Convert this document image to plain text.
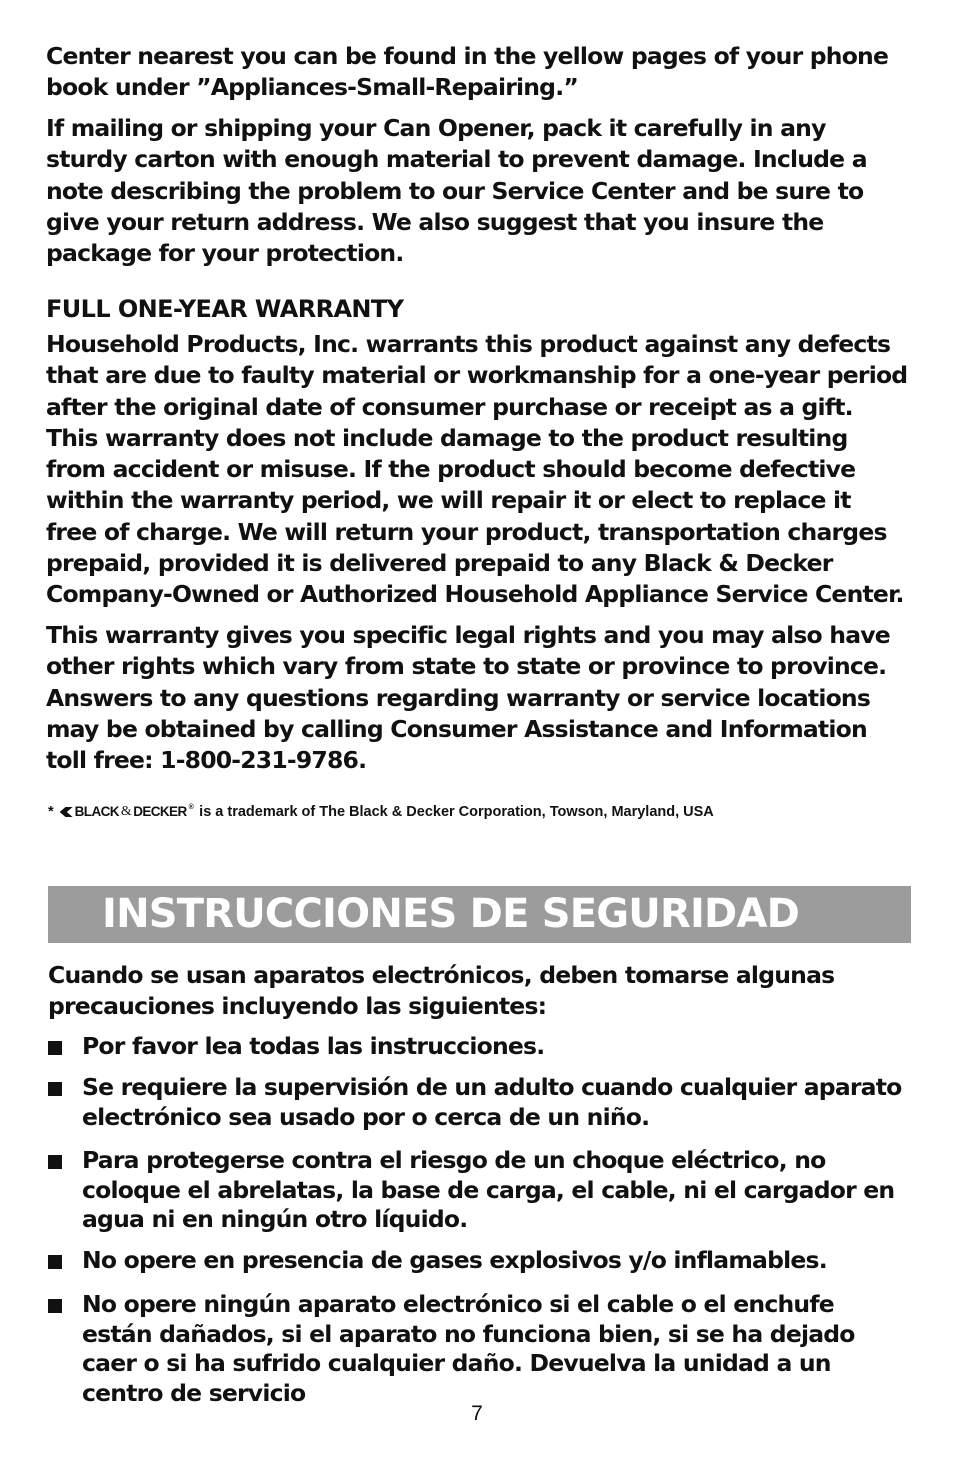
Center nearest you can be found in the yellow pages of your phone book under ”Appliances-Small-Repairing.”

If mailing or shipping your Can Opener, pack it carefully in any sturdy carton with enough material to prevent damage. Include a note describing the problem to our Service Center and be sure to give your return address. We also suggest that you insure the package for your protection.

FULL ONE-YEAR WARRANTY

Household Products, Inc. warrants this product against any defects that are due to faulty material or workmanship for a one-year period after the original date of consumer purchase or receipt as a gift. This warranty does not include damage to the product resulting from accident or misuse. If the product should become defective within the warranty period, we will repair it or elect to replace it free of charge. We will return your product, transportation charges prepaid, provided it is delivered prepaid to any Black & Decker Company-Owned or Authorized Household Appliance Service Center.

This warranty gives you specific legal rights and you may also have other rights which vary from state to state or province to province. Answers to any questions regarding warranty or service locations may be obtained by calling Consumer Assistance and Information toll free: 1-800-231-9786.

* BLACK & DECKER ® is a trademark of The Black & Decker Corporation, Towson, Maryland, USA
INSTRUCCIONES DE SEGURIDAD

Cuando se usan aparatos electrónicos, deben tomarse algunas precauciones incluyendo las siguientes:

Por favor lea todas las instrucciones.
Se requiere la supervisión de un adulto cuando cualquier aparato electrónico sea usado por o cerca de un niño.
Para protegerse contra el riesgo de un choque eléctrico, no coloque el abrelatas, la base de carga, el cable, ni el cargador en agua ni en ningún otro líquido.
No opere en presencia de gases explosivos y/o inflamables.
No opere ningún aparato electrónico si el cable o el enchufe están dañados, si el aparato no funciona bien, si se ha dejado caer o si ha sufrido cualquier daño. Devuelva la unidad a un centro de servicio
7
